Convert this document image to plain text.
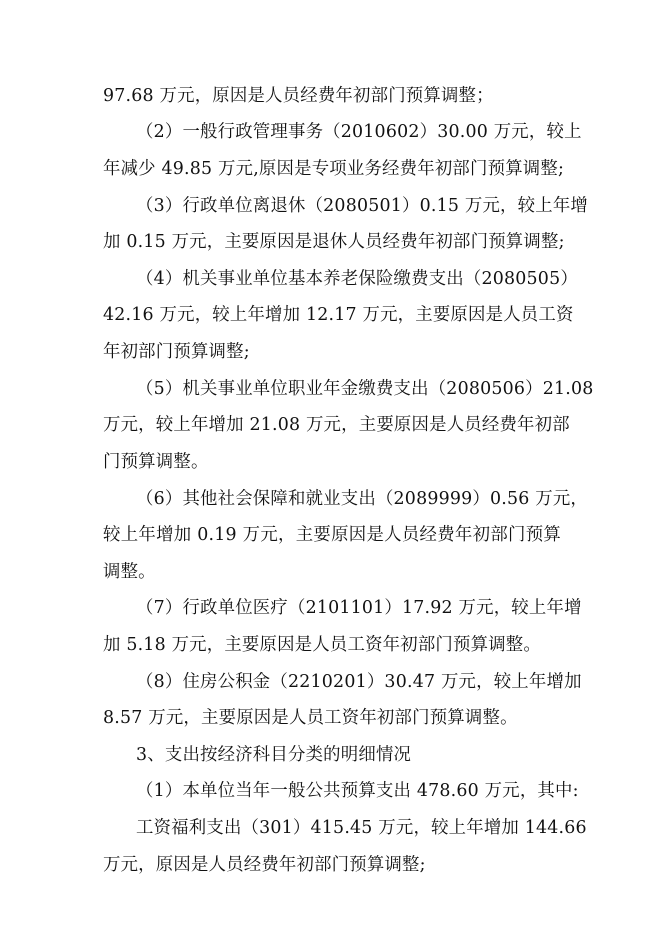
97.68 万元，原因是人员经费年初部门预算调整；
（2）一般行政管理事务（2010602）30.00 万元，较上
年减少 49.85 万元,原因是专项业务经费年初部门预算调整;
（3）行政单位离退休（2080501）0.15 万元，较上年增
加 0.15 万元，主要原因是退休人员经费年初部门预算调整;
（4）机关事业单位基本养老保险缴费支出（2080505）
42.16 万元，较上年增加 12.17 万元，主要原因是人员工资
年初部门预算调整;
（5）机关事业单位职业年金缴费支出（2080506）21.08
万元，较上年增加 21.08 万元，主要原因是人员经费年初部
门预算调整。
（6）其他社会保障和就业支出（2089999）0.56 万元，
较上年增加 0.19 万元，主要原因是人员经费年初部门预算
调整。
（7）行政单位医疗（2101101）17.92 万元，较上年增
加 5.18 万元，主要原因是人员工资年初部门预算调整。
（8）住房公积金（2210201）30.47 万元，较上年增加
8.57 万元，主要原因是人员工资年初部门预算调整。
3、支出按经济科目分类的明细情况
（1）本单位当年一般公共预算支出 478.60 万元，其中:
工资福利支出（301）415.45 万元，较上年增加 144.66
万元，原因是人员经费年初部门预算调整;
